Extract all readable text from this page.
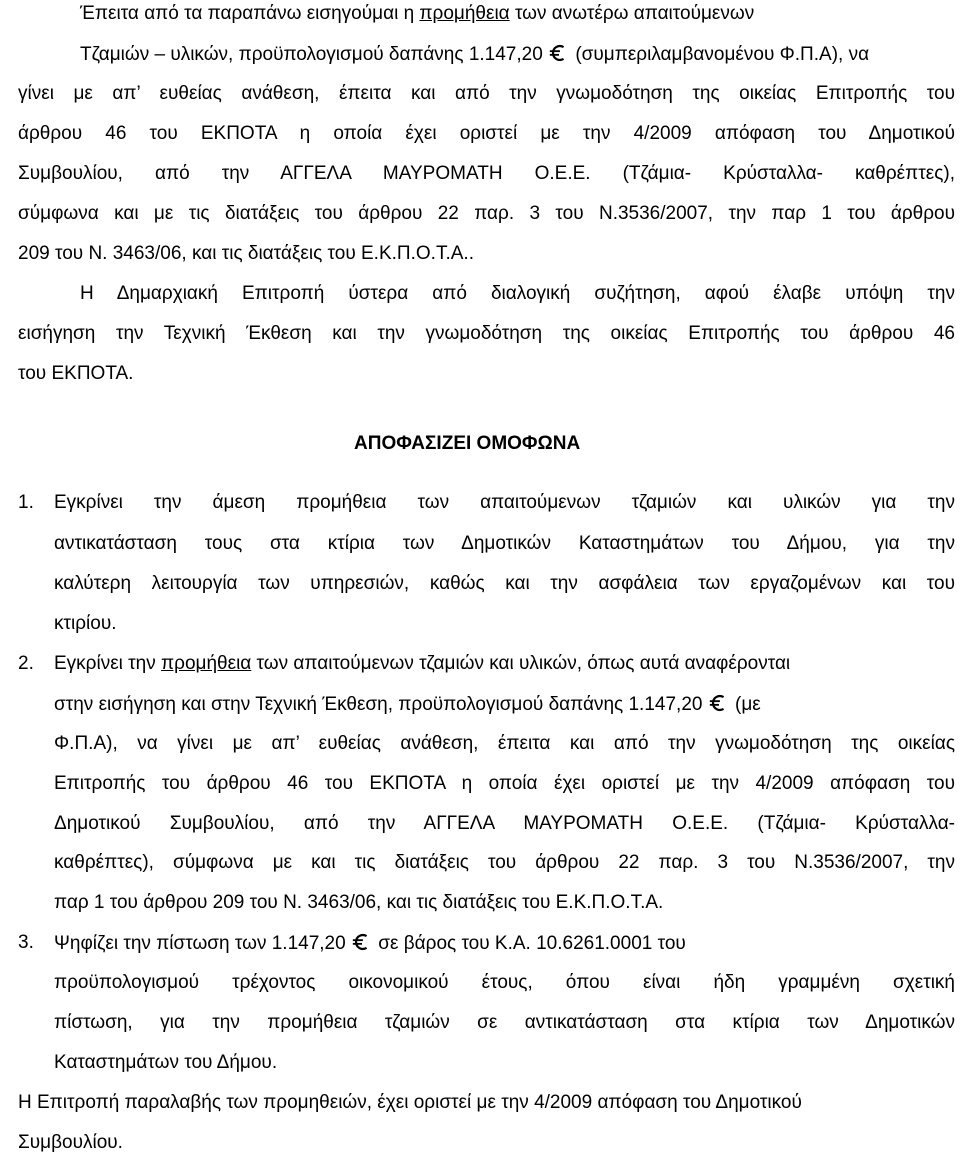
Έπειτα από τα παραπάνω εισηγούμαι η προμήθεια των ανωτέρω απαιτούμενων
Τζαμιών – υλικών, προϋπολογισμού δαπάνης 1.147,20  (συμπεριλαμβανομένου Φ.Π.Α), να
γίνει με απ’ ευθείας ανάθεση, έπειτα και από την γνωμοδότηση της οικείας Επιτροπής του
άρθρου 46 του ΕΚΠΟΤΑ η οποία έχει οριστεί με την 4/2009 απόφαση του Δημοτικού
Συμβουλίου, από την ΑΓΓΕΛΑ ΜΑΥΡΟΜΑΤΗ Ο.Ε.Ε. (Τζάμια- Κρύσταλλα- καθρέπτες),
σύμφωνα και με τις διατάξεις του άρθρου 22 παρ. 3 του Ν.3536/2007, την παρ 1 του άρθρου
209 του Ν. 3463/06, και τις διατάξεις του Ε.Κ.Π.Ο.Τ.Α..
Η Δημαρχιακή Επιτροπή ύστερα από διαλογική συζήτηση, αφού έλαβε υπόψη την
εισήγηση την Τεχνική Έκθεση και την γνωμοδότηση της οικείας Επιτροπής του άρθρου 46
του ΕΚΠΟΤΑ.
ΑΠΟΦΑΣΙΖΕΙ ΟΜΟΦΩΝΑ
1. Εγκρίνει την άμεση προμήθεια των απαιτούμενων τζαμιών και υλικών για την
αντικατάσταση τους στα κτίρια των Δημοτικών Καταστημάτων του Δήμου, για την
καλύτερη λειτουργία των υπηρεσιών, καθώς και την ασφάλεια των εργαζομένων και του
κτιρίου.
2. Εγκρίνει την προμήθεια των απαιτούμενων τζαμιών και υλικών, όπως αυτά αναφέρονται
στην εισήγηση και στην Τεχνική Έκθεση, προϋπολογισμού δαπάνης 1.147,20  (με
Φ.Π.Α), να γίνει με απ’ ευθείας ανάθεση, έπειτα και από την γνωμοδότηση της οικείας
Επιτροπής του άρθρου 46 του ΕΚΠΟΤΑ η οποία έχει οριστεί με την 4/2009 απόφαση του
Δημοτικού Συμβουλίου, από την ΑΓΓΕΛΑ ΜΑΥΡΟΜΑΤΗ Ο.Ε.Ε. (Τζάμια- Κρύσταλλα-
καθρέπτες), σύμφωνα με και τις διατάξεις του άρθρου 22 παρ. 3 του Ν.3536/2007, την
παρ 1 του άρθρου 209 του Ν. 3463/06, και τις διατάξεις του Ε.Κ.Π.Ο.Τ.Α.
3. Ψηφίζει την πίστωση των 1.147,20  σε βάρος του Κ.Α. 10.6261.0001 του
προϋπολογισμού τρέχοντος οικονομικού έτους, όπου είναι ήδη γραμμένη σχετική
πίστωση, για την προμήθεια τζαμιών σε αντικατάσταση στα κτίρια των Δημοτικών
Καταστημάτων του Δήμου.
Η Επιτροπή παραλαβής των προμηθειών, έχει οριστεί με την 4/2009 απόφαση του Δημοτικού
Συμβουλίου.
